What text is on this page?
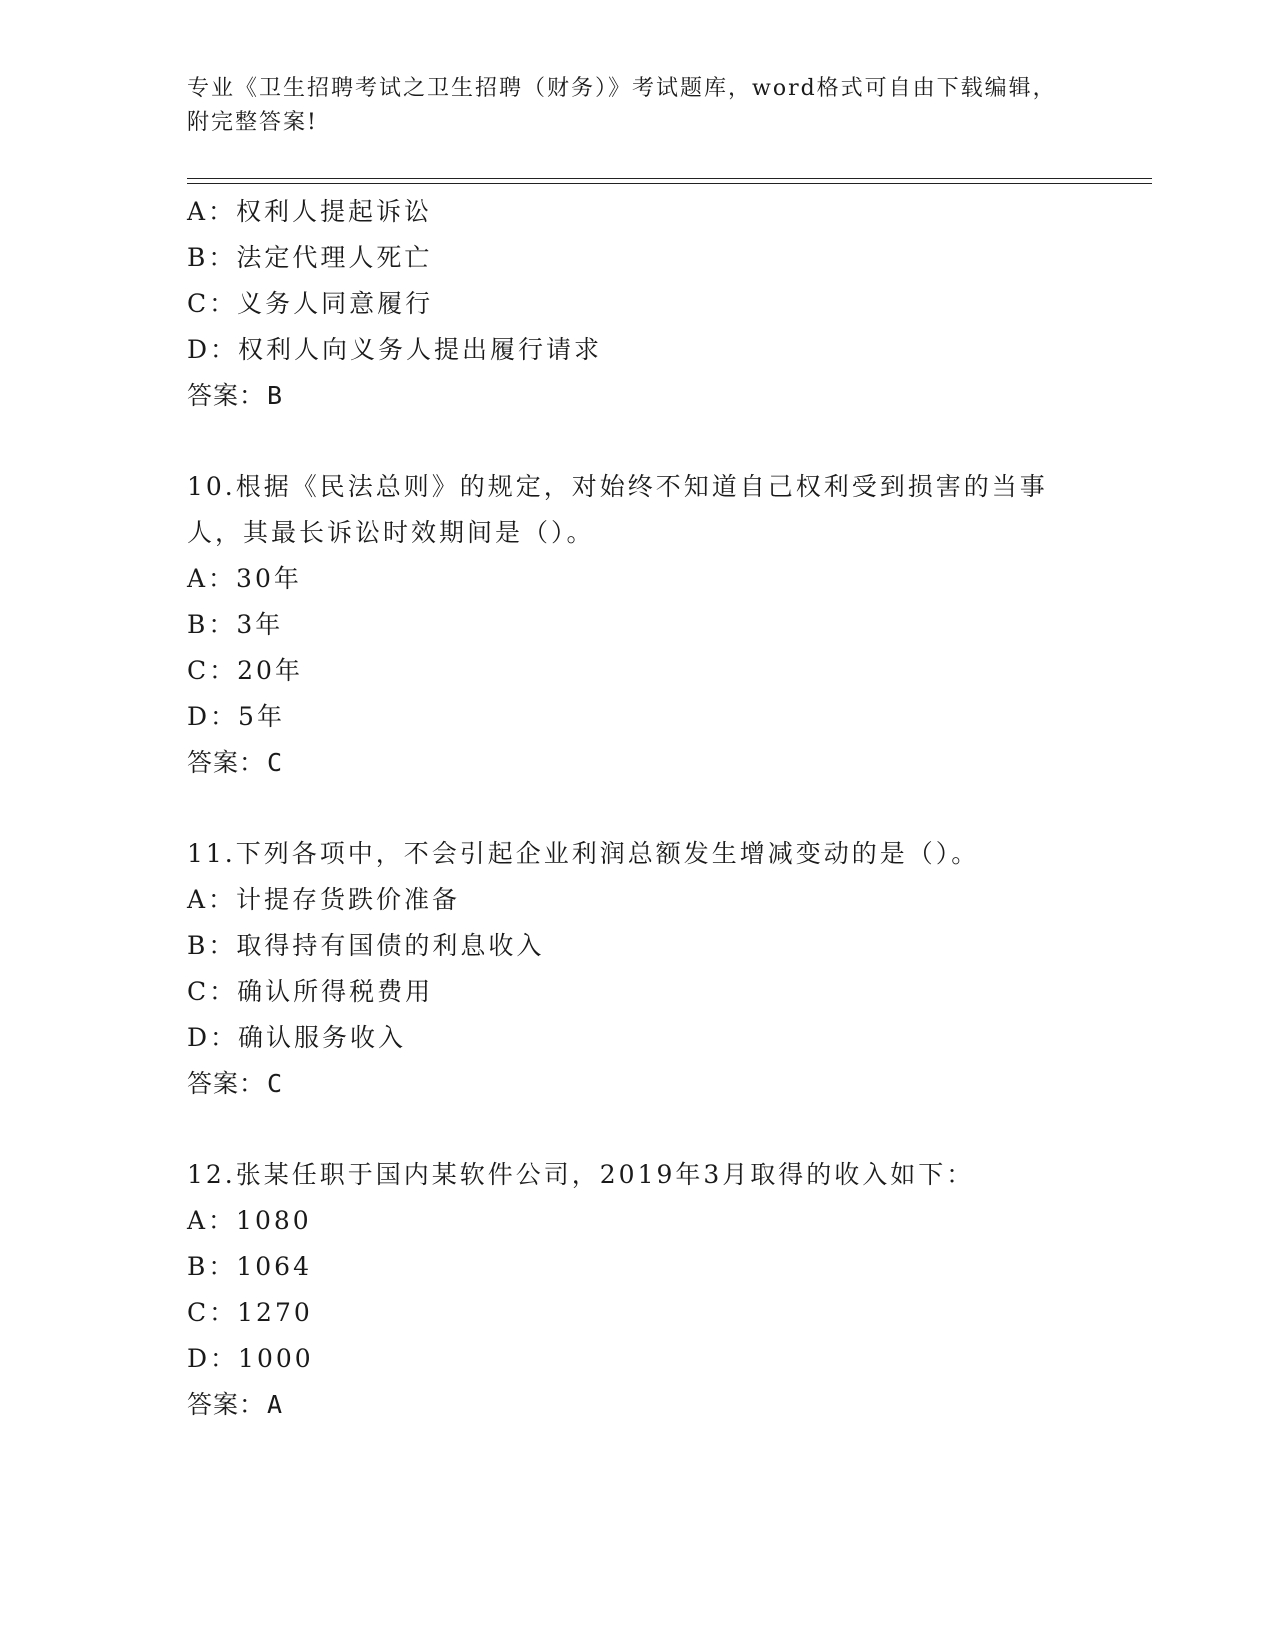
专业《卫生招聘考试之卫生招聘（财务）》考试题库，word格式可自由下载编辑，附完整答案!
A：权利人提起诉讼
B：法定代理人死亡
C：义务人同意履行
D：权利人向义务人提出履行请求
答案：B
10.根据《民法总则》的规定，对始终不知道自己权利受到损害的当事人，其最长诉讼时效期间是（）。
A：30年
B：3年
C：20年
D：5年
答案：C
11.下列各项中，不会引起企业利润总额发生增减变动的是（）。
A：计提存货跌价准备
B：取得持有国债的利息收入
C：确认所得税费用
D：确认服务收入
答案：C
12.张某任职于国内某软件公司，2019年3月取得的收入如下：
A：1080
B：1064
C：1270
D：1000
答案：A
